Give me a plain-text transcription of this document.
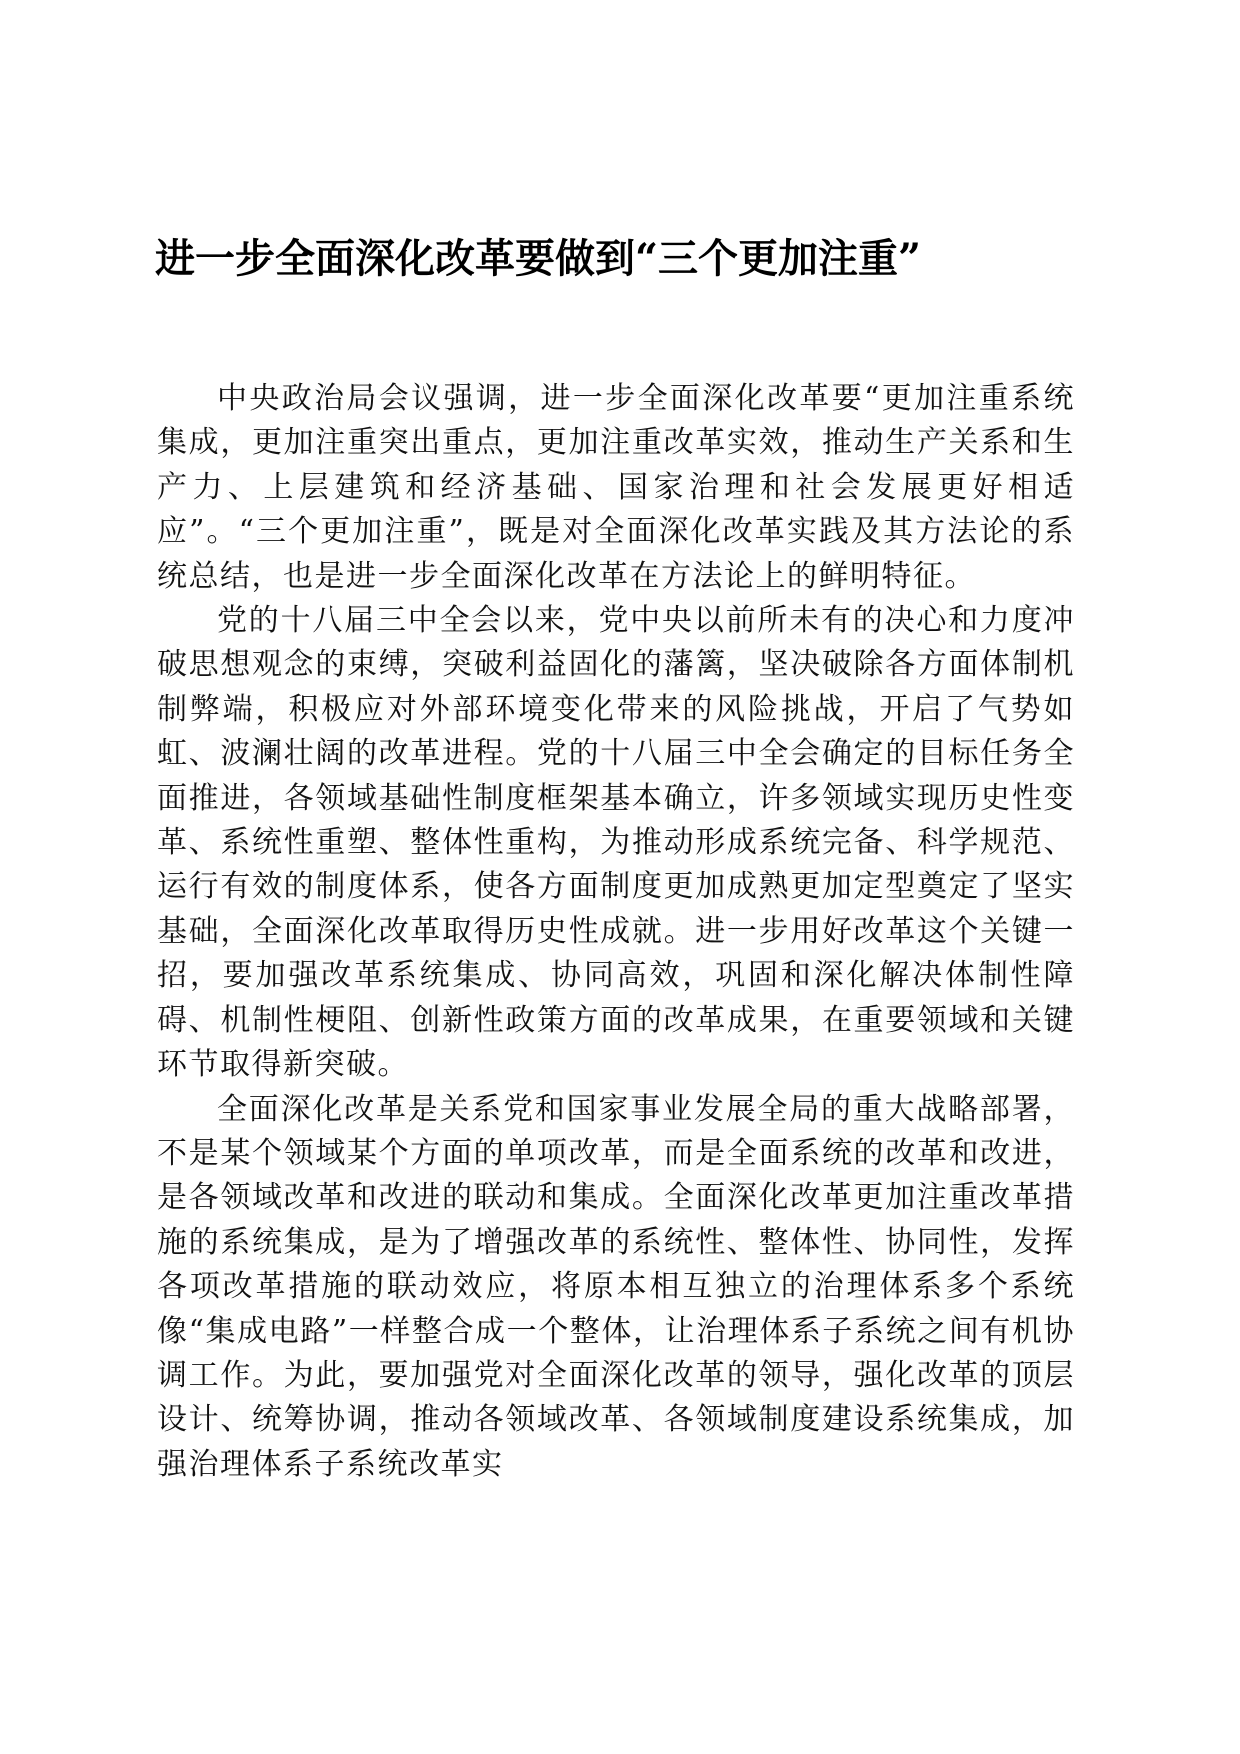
进一步全面深化改革要做到“三个更加注重”

中央政治局会议强调，进一步全面深化改革要“更加注重系统集成，更加注重突出重点，更加注重改革实效，推动生产关系和生产力、上层建筑和经济基础、国家治理和社会发展更好相适应”。“三个更加注重”，既是对全面深化改革实践及其方法论的系统总结，也是进一步全面深化改革在方法论上的鲜明特征。

党的十八届三中全会以来，党中央以前所未有的决心和力度冲破思想观念的束缚，突破利益固化的藩篱，坚决破除各方面体制机制弊端，积极应对外部环境变化带来的风险挑战，开启了气势如虹、波澜壮阔的改革进程。党的十八届三中全会确定的目标任务全面推进，各领域基础性制度框架基本确立，许多领域实现历史性变革、系统性重塑、整体性重构，为推动形成系统完备、科学规范、运行有效的制度体系，使各方面制度更加成熟更加定型奠定了坚实基础，全面深化改革取得历史性成就。进一步用好改革这个关键一招，要加强改革系统集成、协同高效，巩固和深化解决体制性障碍、机制性梗阻、创新性政策方面的改革成果，在重要领域和关键环节取得新突破。

全面深化改革是关系党和国家事业发展全局的重大战略部署，不是某个领域某个方面的单项改革，而是全面系统的改革和改进，是各领域改革和改进的联动和集成。全面深化改革更加注重改革措施的系统集成，是为了增强改革的系统性、整体性、协同性，发挥各项改革措施的联动效应，将原本相互独立的治理体系多个系统像“集成电路”一样整合成一个整体，让治理体系子系统之间有机协调工作。为此，要加强党对全面深化改革的领导，强化改革的顶层设计、统筹协调，推动各领域改革、各领域制度建设系统集成，加强治理体系子系统改革实
